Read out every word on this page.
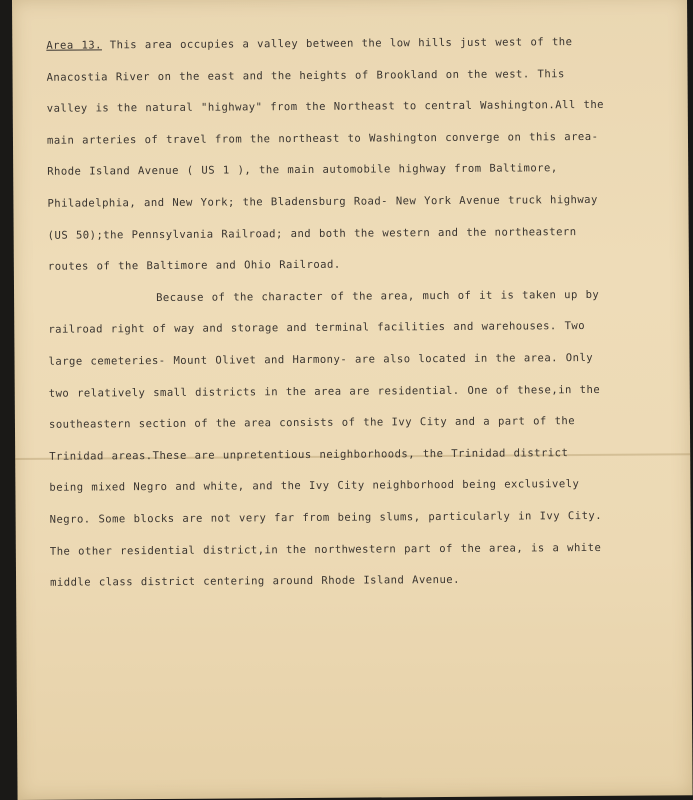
Area 13. This area occupies a valley between the low hills just west of the
Anacostia River on the east and the heights of Brookland on the west. This
valley is the natural "highway" from the Northeast to central Washington.All the
main arteries of travel from the northeast to Washington converge on this area-
Rhode Island Avenue ( US 1 ), the main automobile highway from Baltimore,
Philadelphia, and New York; the Bladensburg Road- New York Avenue truck highway
(US 50);the Pennsylvania Railroad; and both the western and the northeastern
routes of the Baltimore and Ohio Railroad.
Because of the character of the area, much of it is taken up by
railroad right of way and storage and terminal facilities and warehouses. Two
large cemeteries- Mount Olivet and Harmony- are also located in the area. Only
two relatively small districts in the area are residential. One of these,in the
southeastern section of the area consists of the Ivy City and a part of the
Trinidad areas.These are unpretentious neighborhoods, the Trinidad district
being mixed Negro and white, and the Ivy City neighborhood being exclusively
Negro. Some blocks are not very far from being slums, particularly in Ivy City.
The other residential district,in the northwestern part of the area, is a white
middle class district centering around Rhode Island Avenue.
